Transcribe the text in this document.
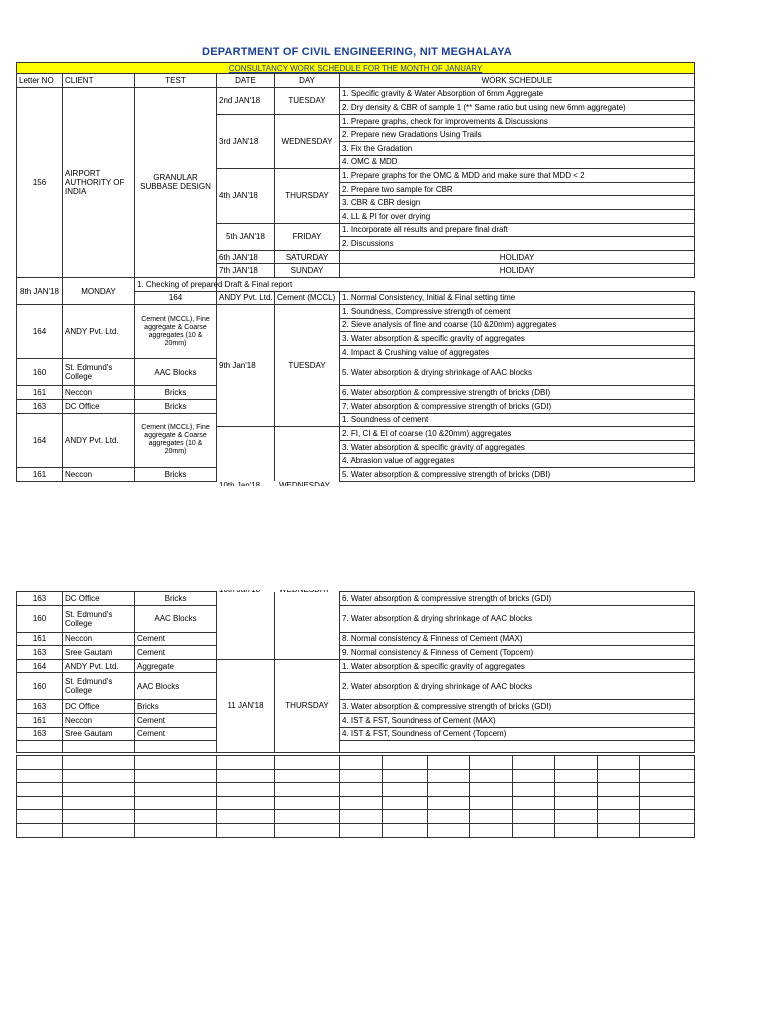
DEPARTMENT OF CIVIL ENGINEERING, NIT MEGHALAYA
CONSULTANCY WORK SCHEDULE FOR THE MONTH OF JANUARY					
Letter NO	CLIENT	TEST	DATE	DAY	WORK SCHEDULE
156	AIRPORT AUTHORITY OF INDIA	GRANULAR SUBBASE DESIGN	2nd JAN'18	TUESDAY	1. Specific gravity & Water Absorption of 6mm Aggregate
					2. Dry density & CBR of sample 1 (** Same ratio but using new 6mm aggregate)
			3rd JAN'18	WEDNESDAY	1. Prepare graphs, check for improvements & Discussions
					2. Prepare new Gradations Using Trails
					3. Fix the Gradation
					4. OMC & MDD
			4th JAN'18	THURSDAY	1. Prepare graphs for the OMC & MDD and make sure that MDD < 2
					2. Prepare two sample for CBR
					3. CBR & CBR design
					4. LL & PI for over drying
			5th JAN'18	FRIDAY	1. Incorporate all results and prepare final draft
					2. Discussions
			6th JAN'18	SATURDAY	HOLIDAY
			7th JAN'18	SUNDAY	HOLIDAY
8th JAN'18	MONDAY	1. Checking of prepared Draft & Final report			
		164	ANDY Pvt. Ltd.	Cement (MCCL)	1. Normal Consistency, Initial & Final setting time
164	ANDY Pvt. Ltd.	Cement (MCCL), Fine aggregate & Coarse aggregates (10 & 20mm)	9th Jan'18	TUESDAY	1. Soundness, Compressive strength of cement
					2. Sieve analysis of fine and coarse (10 &20mm) aggregates
					3. Water absorption & specific gravity of aggregates
					4. Impact & Crushing value of aggregates
160	St. Edmund's College	AAC Blocks			5. Water absorption & drying shrinkage of AAC blocks
161	Neccon	Bricks			6. Water absorption & compressive strength of bricks (DBI)
163	DC Office	Bricks			7. Water absorption & compressive strength of bricks (GDI)
164	ANDY Pvt. Ltd.	Cement (MCCL), Fine aggregate & Coarse aggregates (10 & 20mm)			1. Soundness of cement
					2. FI, CI & EI of coarse (10 &20mm) aggregates
					3. Water absorption & specific gravity of aggregates
					4. Abrasion value of aggregates
161	Neccon	Bricks			5. Water absorption & compressive strength of bricks (DBI)
163	DC Office	Bricks			6. Water absorption & compressive strength of bricks (GDI)
160	St. Edmund's College	AAC Blocks			7. Water absorption & drying shrinkage of AAC blocks
161	Neccon	Cement			8. Normal consistency & Finness of Cement (MAX)
163	Sree Gautam	Cement			9. Normal consistency & Finness of Cement (Topcem)
164	ANDY Pvt. Ltd.	Aggregate	11 JAN'18	THURSDAY	1. Water absorption & specific gravity of aggregates
160	St. Edmund's College	AAC Blocks			2. Water absorption & drying shrinkage of AAC blocks
163	DC Office	Bricks			3. Water absorption & compressive strength of bricks (GDI)
161	Neccon	Cement			4. IST & FST, Soundness of Cement (MAX)
163	Sree Gautam	Cement			4. IST & FST, Soundness of Cement (Topcem)
